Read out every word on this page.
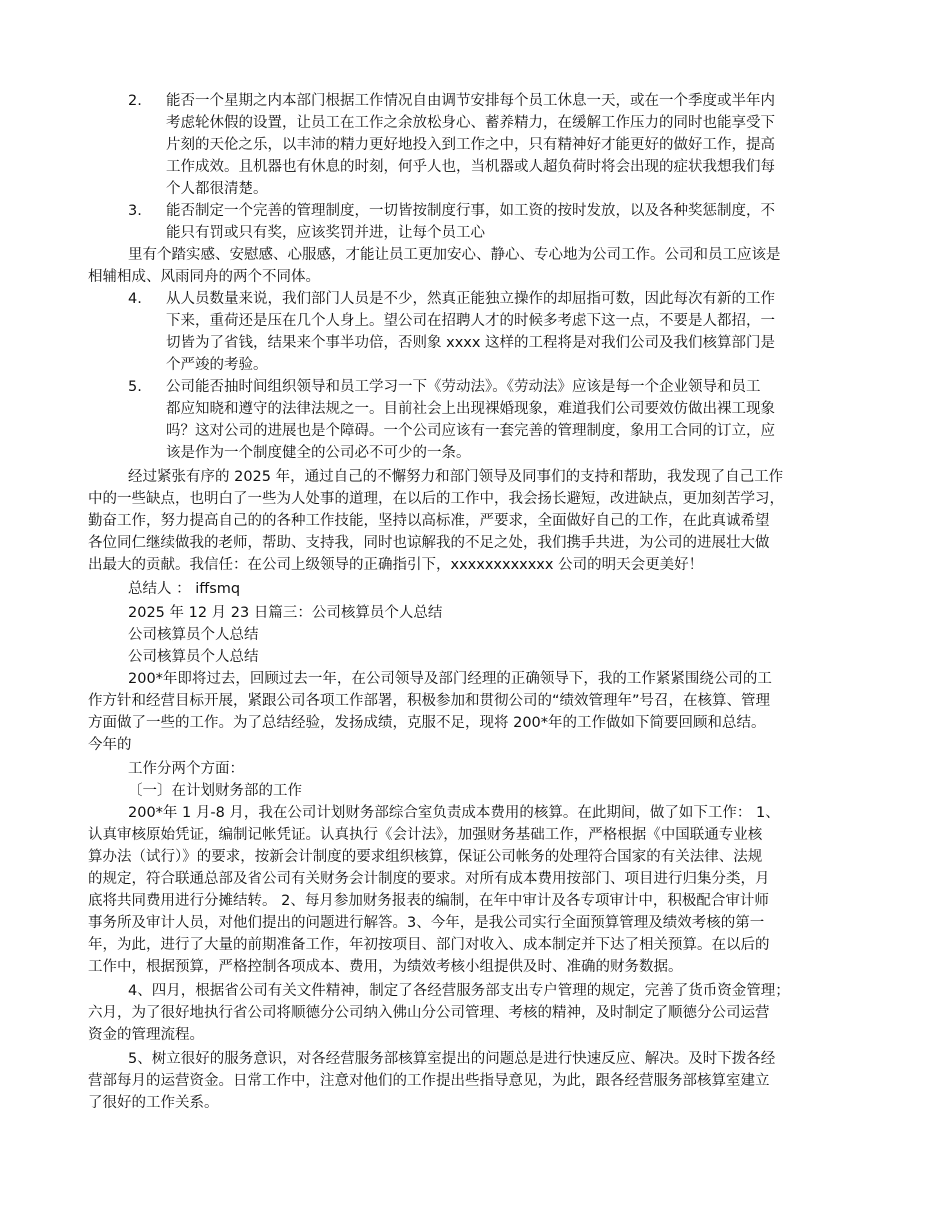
2. 能否一个星期之内本部门根据工作情况自由调节安排每个员工休息一天，或在一个季度或半年内
考虑轮休假的设置，让员工在工作之余放松身心、蓄养精力，在缓解工作压力的同时也能享受下
片刻的天伦之乐，以丰沛的精力更好地投入到工作之中，只有精神好才能更好的做好工作，提高
工作成效。且机器也有休息的时刻，何乎人也，当机器或人超负荷时将会出现的症状我想我们每
个人都很清楚。
3. 能否制定一个完善的管理制度，一切皆按制度行事，如工资的按时发放，以及各种奖惩制度，不
能只有罚或只有奖，应该奖罚并进，让每个员工心
里有个踏实感、安慰感、心服感，才能让员工更加安心、静心、专心地为公司工作。公司和员工应该是
相辅相成、风雨同舟的两个不同体。
4. 从人员数量来说，我们部门人员是不少，然真正能独立操作的却屈指可数，因此每次有新的工作
下来，重荷还是压在几个人身上。望公司在招聘人才的时候多考虑下这一点，不要是人都招，一
切皆为了省钱，结果来个事半功倍，否则象 xxxx 这样的工程将是对我们公司及我们核算部门是
个严竣的考验。
5. 公司能否抽时间组织领导和员工学习一下《劳动法》。《劳动法》应该是每一个企业领导和员工
都应知晓和遵守的法律法规之一。目前社会上出现裸婚现象，难道我们公司要效仿做出裸工现象
吗？这对公司的进展也是个障碍。一个公司应该有一套完善的管理制度，象用工合同的订立，应
该是作为一个制度健全的公司必不可少的一条。
经过紧张有序的 2025 年，通过自己的不懈努力和部门领导及同事们的支持和帮助，我发现了自己工作
中的一些缺点，也明白了一些为人处事的道理，在以后的工作中，我会扬长避短，改进缺点，更加刻苦学习，
勤奋工作，努力提高自己的的各种工作技能，坚持以高标准，严要求，全面做好自己的工作，在此真诚希望
各位同仁继续做我的老师，帮助、支持我，同时也谅解我的不足之处，我们携手共进，为公司的进展壮大做
出最大的贡献。我信任：在公司上级领导的正确指引下，xxxxxxxxxxxx 公司的明天会更美好！
总结人 ： iffsmq
2025 年 12 月 23 日篇三：公司核算员个人总结
公司核算员个人总结
公司核算员个人总结
200*年即将过去，回顾过去一年，在公司领导及部门经理的正确领导下，我的工作紧紧围绕公司的工
作方针和经营目标开展，紧跟公司各项工作部署，积极参加和贯彻公司的“绩效管理年”号召，在核算、管理
方面做了一些的工作。为了总结经验，发扬成绩，克服不足，现将 200*年的工作做如下简要回顾和总结。
今年的
工作分两个方面：
〔一〕在计划财务部的工作
200*年 1 月-8 月，我在公司计划财务部综合室负责成本费用的核算。在此期间，做了如下工作： 1、
认真审核原始凭证，编制记帐凭证。认真执行《会计法》，加强财务基础工作，严格根据《中国联通专业核
算办法（试行）》的要求，按新会计制度的要求组织核算，保证公司帐务的处理符合国家的有关法律、法规
的规定，符合联通总部及省公司有关财务会计制度的要求。对所有成本费用按部门、项目进行归集分类，月
底将共同费用进行分摊结转。 2、每月参加财务报表的编制，在年中审计及各专项审计中，积极配合审计师
事务所及审计人员，对他们提出的问题进行解答。3、今年，是我公司实行全面预算管理及绩效考核的第一
年，为此，进行了大量的前期准备工作，年初按项目、部门对收入、成本制定并下达了相关预算。在以后的
工作中，根据预算，严格控制各项成本、费用，为绩效考核小组提供及时、准确的财务数据。
4、四月，根据省公司有关文件精神，制定了各经营服务部支出专户管理的规定，完善了货币资金管理；
六月，为了很好地执行省公司将顺德分公司纳入佛山分公司管理、考核的精神，及时制定了顺德分公司运营
资金的管理流程。
5、树立很好的服务意识，对各经营服务部核算室提出的问题总是进行快速反应、解决。及时下拨各经
营部每月的运营资金。日常工作中，注意对他们的工作提出些指导意见，为此，跟各经营服务部核算室建立
了很好的工作关系。
